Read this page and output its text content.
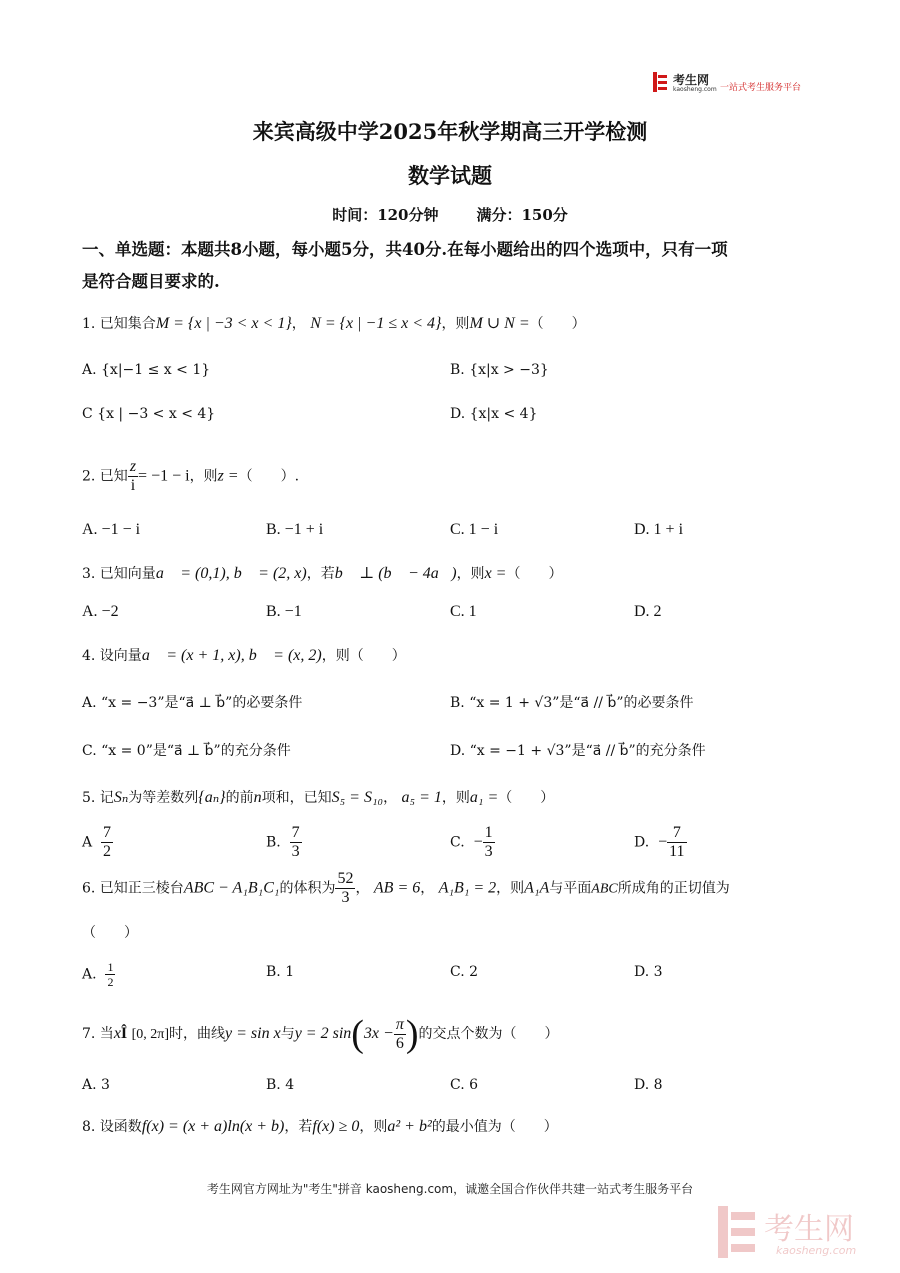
考生网
kaosheng.com 一站式考生服务平台
来宾高级中学2025年秋学期高三开学检测
数学试题
时间：120分钟	满分：150分
一、单选题：本题共8小题，每小题5分，共40分.在每小题给出的四个选项中，只有一项
是符合题目要求的.
1. 已知集合M = {x | −3 < x < 1}， N = {x | −1 ≤ x < 4}，则M ∪ N =（　　）
A. {x|−1 ≤ x < 1}	B. {x|x > −3}
C {x | −3 < x < 4}	D. {x|x < 4}
2. 已知 $\frac{z}{i} = -1 - i$，则z =（　　）.
A. −1 − i	B. −1 + i	C. 1 − i	D. 1 + i
3. 已知向量a⃗ = (0,1), b⃗ = (2, x)，若b⃗ ⊥ (b⃗ − 4a⃗)，则x =（　　）
A. −2	B. −1	C. 1	D. 2
4. 设向量a⃗ = (x + 1, x), b⃗ = (x, 2)，则（　　）
A. “x = −3”是“a⃗ ⊥ b⃗”的必要条件	B. “x = 1 + √3”是“a⃗ // b⃗”的必要条件
C. “x = 0”是“a⃗ ⊥ b⃗”的充分条件	D. “x = −1 + √3”是“a⃗ // b⃗”的充分条件
5. 记Sₙ为等差数列{aₙ}的前n项和，已知S₅ = S₁₀， a₅ = 1，则a₁ =（　　）
A $\frac{7}{2}$	B. $\frac{7}{3}$	C. − $\frac{1}{3}$	D. − $\frac{7}{11}$
6. 已知正三棱台ABC − A₁B₁C₁的体积为 $\frac{52}{3}$ ， AB = 6， A₁B₁ = 2，则A₁A与平面ABC所成角的正切值为
（　　）
A. $\frac{1}{2}$	B. 1	C. 2	D. 3
7. 当xÎ [0, 2π]时，曲线y = sin x与y = 2 $\sin(3x - \frac{\pi}{6}$ )的交点个数为（　　）
A. 3	B. 4	C. 6	D. 8
8. 设函数f(x) = (x + a)ln(x + b)，若f(x) ≥ 0，则a² + b²的最小值为（　　）
考生网官方网址为"考生"拼音 kaosheng.com，诚邀全国合作伙伴共建一站式考生服务平台
考生网
kaosheng.com
